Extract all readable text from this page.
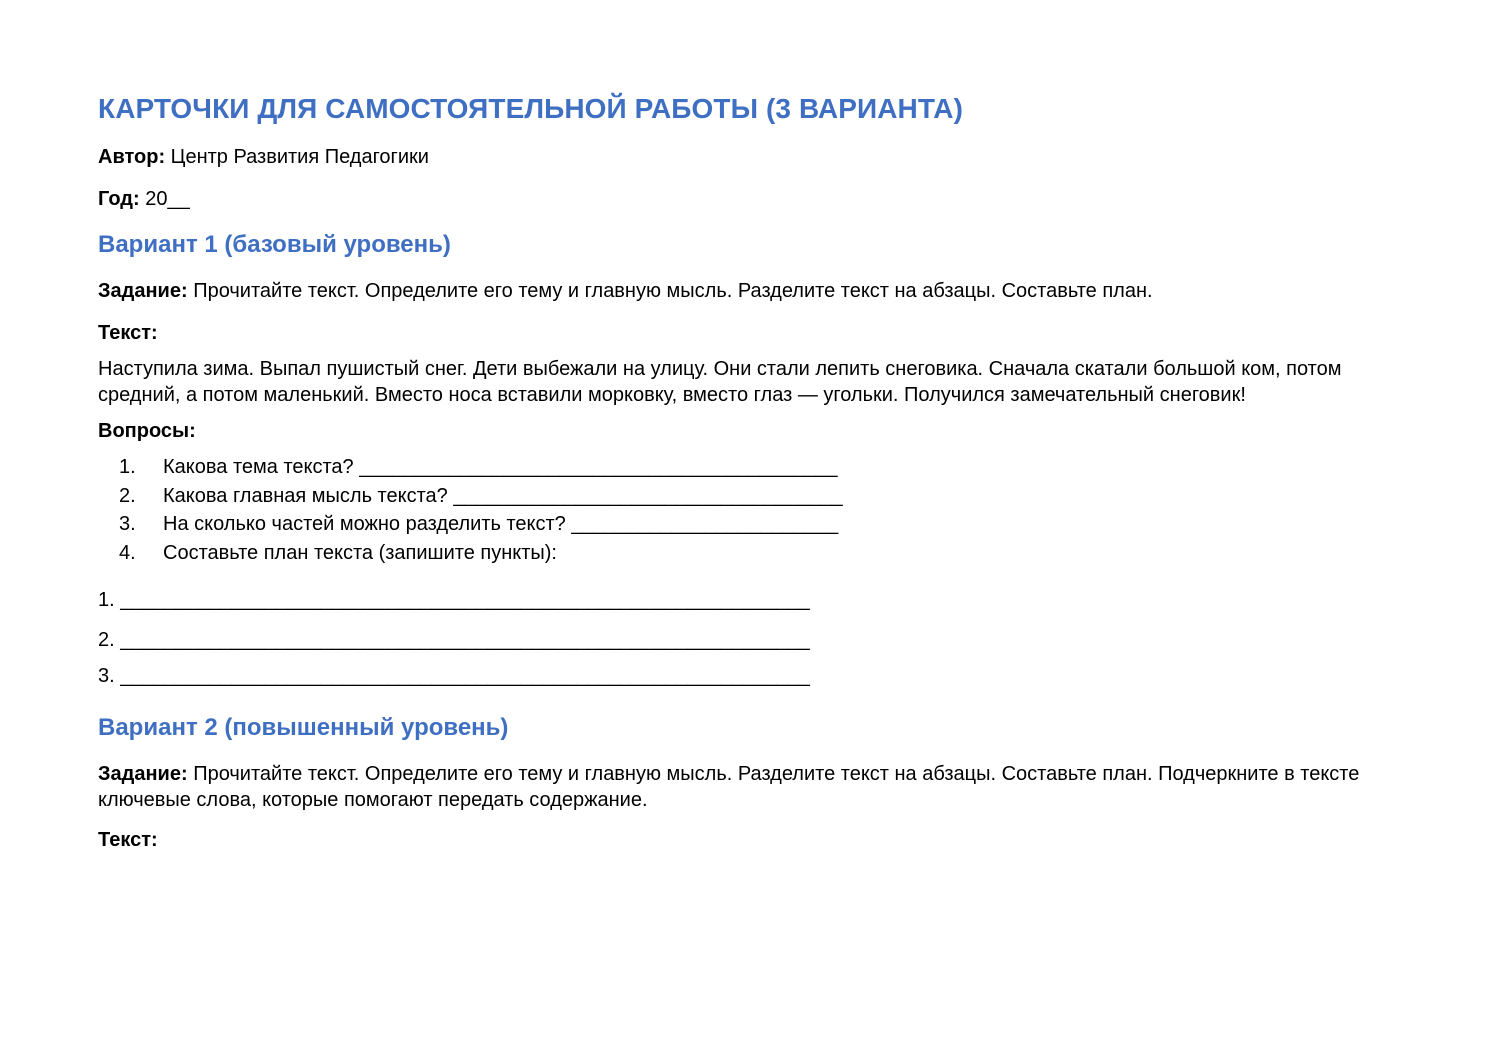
КАРТОЧКИ ДЛЯ САМОСТОЯТЕЛЬНОЙ РАБОТЫ (3 ВАРИАНТА)

Автор: Центр Развития Педагогики

Год: 20__

Вариант 1 (базовый уровень)

Задание: Прочитайте текст. Определите его тему и главную мысль. Разделите текст на абзацы. Составьте план.

Текст:

Наступила зима. Выпал пушистый снег. Дети выбежали на улицу. Они стали лепить снеговика. Сначала скатали большой ком, потом средний, а потом маленький. Вместо носа вставили морковку, вместо глаз — угольки. Получился замечательный снеговик!

Вопросы:

1. Какова тема текста? ___________________________________________
2. Какова главная мысль текста? ___________________________________
3. На сколько частей можно разделить текст? ________________________
4. Составьте план текста (запишите пункты):

1. ______________________________________________________________

2. ______________________________________________________________

3. ______________________________________________________________

Вариант 2 (повышенный уровень)

Задание: Прочитайте текст. Определите его тему и главную мысль. Разделите текст на абзацы. Составьте план. Подчеркните в тексте ключевые слова, которые помогают передать содержание.

Текст:
